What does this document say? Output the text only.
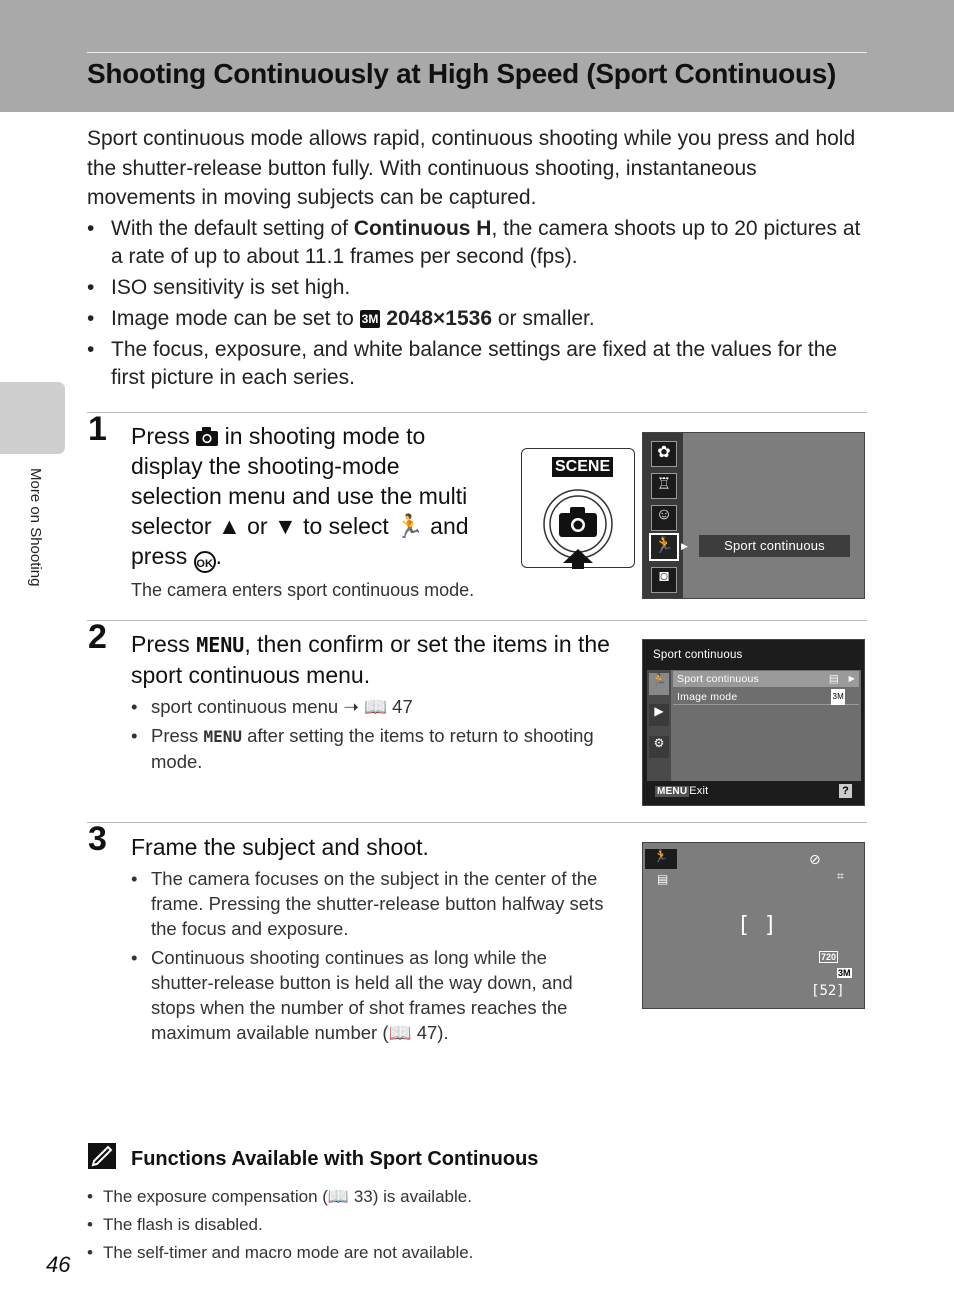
Shooting Continuously at High Speed (Sport Continuous)
More on Shooting
Sport continuous mode allows rapid, continuous shooting while you press and hold the shutter-release button fully. With continuous shooting, instantaneous movements in moving subjects can be captured.
• With the default setting of Continuous H, the camera shoots up to 20 pictures at a rate of up to about 11.1 frames per second (fps).
• ISO sensitivity is set high.
• Image mode can be set to 3M 2048×1536 or smaller.
• The focus, exposure, and white balance settings are fixed at the values for the first picture in each series.
1 Press  in shooting mode to display the shooting-mode selection menu and use the multi selector ▲ or ▼ to select 🏃 and press OK .
The camera enters sport continuous mode.
SCENE
✿
♖
☺
🏃 ▶
◙
Sport continuous
2 Press MENU, then confirm or set the items in the sport continuous menu.
• sport continuous menu ➝ 📖 47
• Press MENU after setting the items to return to shooting mode.
Sport continuous
🏃
▶
⚙
Sport continuous	▤ ▶
Image mode	3M
MENU Exit	?
3 Frame the subject and shoot.
• The camera focuses on the subject in the center of the frame. Pressing the shutter-release button halfway sets the focus and exposure.
• Continuous shooting continues as long while the shutter-release button is held all the way down, and stops when the number of shot frames reaches the maximum available number (📖 47).
🏃
▤
⊘
⌗
[ ]
720
3M
[52]
Functions Available with Sport Continuous
• The exposure compensation (📖 33) is available.
• The flash is disabled.
• The self-timer and macro mode are not available.
46
